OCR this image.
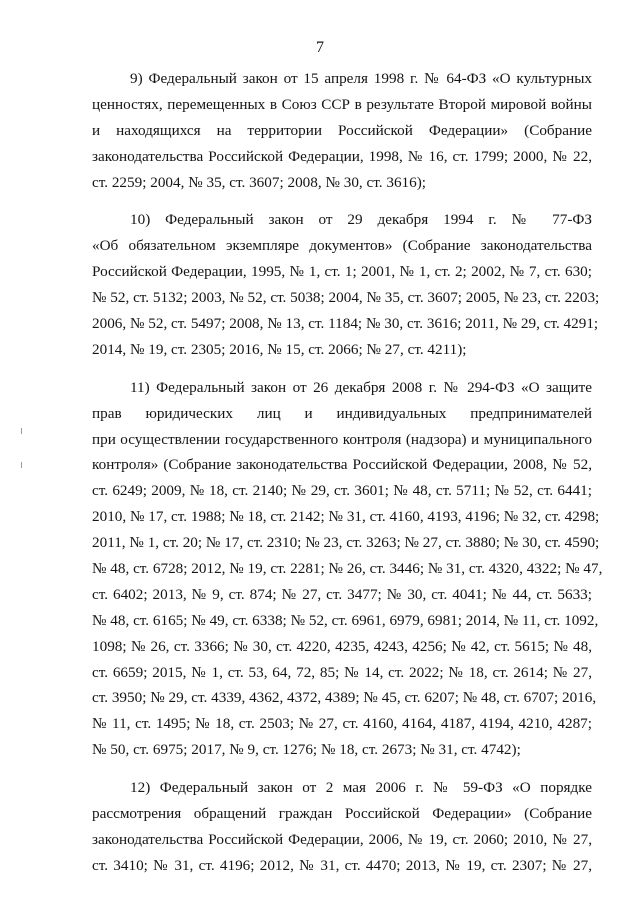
7
9) Федеральный закон от 15 апреля 1998 г. № 64-ФЗ «О культурных
ценностях, перемещенных в Союз ССР в результате Второй мировой войны
и находящихся на территории Российской Федерации» (Собрание
законодательства Российской Федерации, 1998, № 16, ст. 1799; 2000, № 22,
ст. 2259; 2004, № 35, ст. 3607; 2008, № 30, ст. 3616);
10) Федеральный закон от 29 декабря 1994 г. № 77-ФЗ
«Об обязательном экземпляре документов» (Собрание законодательства
Российской Федерации, 1995, № 1, ст. 1; 2001, № 1, ст. 2; 2002, № 7, ст. 630;
№ 52, ст. 5132; 2003, № 52, ст. 5038; 2004, № 35, ст. 3607; 2005, № 23, ст. 2203;
2006, № 52, ст. 5497; 2008, № 13, ст. 1184; № 30, ст. 3616; 2011, № 29, ст. 4291;
2014, № 19, ст. 2305; 2016, № 15, ст. 2066; № 27, ст. 4211);
11) Федеральный закон от 26 декабря 2008 г. № 294-ФЗ «О защите
прав юридических лиц и индивидуальных предпринимателей
при осуществлении государственного контроля (надзора) и муниципального
контроля» (Собрание законодательства Российской Федерации, 2008, № 52,
ст. 6249; 2009, № 18, ст. 2140; № 29, ст. 3601; № 48, ст. 5711; № 52, ст. 6441;
2010, № 17, ст. 1988; № 18, ст. 2142; № 31, ст. 4160, 4193, 4196; № 32, ст. 4298;
2011, № 1, ст. 20; № 17, ст. 2310; № 23, ст. 3263; № 27, ст. 3880; № 30, ст. 4590;
№ 48, ст. 6728; 2012, № 19, ст. 2281; № 26, ст. 3446; № 31, ст. 4320, 4322; № 47,
ст. 6402; 2013, № 9, ст. 874; № 27, ст. 3477; № 30, ст. 4041; № 44, ст. 5633;
№ 48, ст. 6165; № 49, ст. 6338; № 52, ст. 6961, 6979, 6981; 2014, № 11, ст. 1092,
1098; № 26, ст. 3366; № 30, ст. 4220, 4235, 4243, 4256; № 42, ст. 5615; № 48,
ст. 6659; 2015, № 1, ст. 53, 64, 72, 85; № 14, ст. 2022; № 18, ст. 2614; № 27,
ст. 3950; № 29, ст. 4339, 4362, 4372, 4389; № 45, ст. 6207; № 48, ст. 6707; 2016,
№ 11, ст. 1495; № 18, ст. 2503; № 27, ст. 4160, 4164, 4187, 4194, 4210, 4287;
№ 50, ст. 6975; 2017, № 9, ст. 1276; № 18, ст. 2673; № 31, ст. 4742);
12) Федеральный закон от 2 мая 2006 г. № 59-ФЗ «О порядке
рассмотрения обращений граждан Российской Федерации» (Собрание
законодательства Российской Федерации, 2006, № 19, ст. 2060; 2010, № 27,
ст. 3410; № 31, ст. 4196; 2012, № 31, ст. 4470; 2013, № 19, ст. 2307; № 27,
